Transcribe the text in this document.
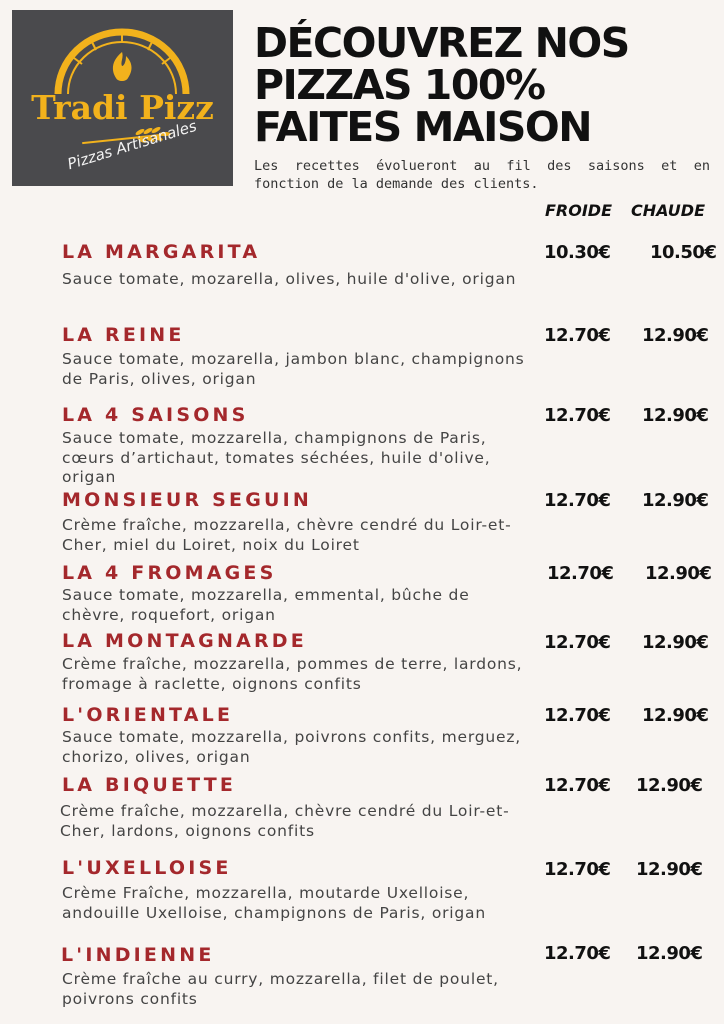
Tradi Pizz
Pizzas Artisanales
DÉCOUVREZ NOS
PIZZAS 100%
FAITES MAISON
Les recettes évolueront au fil des saisons et en fonction de la demande des clients.
FROIDE CHAUDE
LA MARGARITA
Sauce tomate, mozarella, olives, huile d'olive, origan
10.30€ 10.50€
LA REINE
Sauce tomate, mozarella, jambon blanc, champignons de Paris, olives, origan
12.70€ 12.90€
LA 4 SAISONS
Sauce tomate, mozzarella, champignons de Paris, cœurs d’artichaut, tomates séchées, huile d'olive, origan
12.70€ 12.90€
MONSIEUR SEGUIN
Crème fraîche, mozzarella, chèvre cendré du Loir-et-Cher, miel du Loiret, noix du Loiret
12.70€ 12.90€
LA 4 FROMAGES
Sauce tomate, mozzarella, emmental, bûche de chèvre, roquefort, origan
12.70€ 12.90€
LA MONTAGNARDE
Crème fraîche, mozzarella, pommes de terre, lardons, fromage à raclette, oignons confits
12.70€ 12.90€
L'ORIENTALE
Sauce tomate, mozzarella, poivrons confits, merguez, chorizo, olives, origan
12.70€ 12.90€
LA BIQUETTE
Crème fraîche, mozzarella, chèvre cendré du Loir-et-Cher, lardons, oignons confits
12.70€ 12.90€
L'UXELLOISE
Crème Fraîche, mozzarella, moutarde Uxelloise, andouille Uxelloise, champignons de Paris, origan
12.70€ 12.90€
L'INDIENNE
Crème fraîche au curry, mozzarella, filet de poulet, poivrons confits
12.70€ 12.90€
